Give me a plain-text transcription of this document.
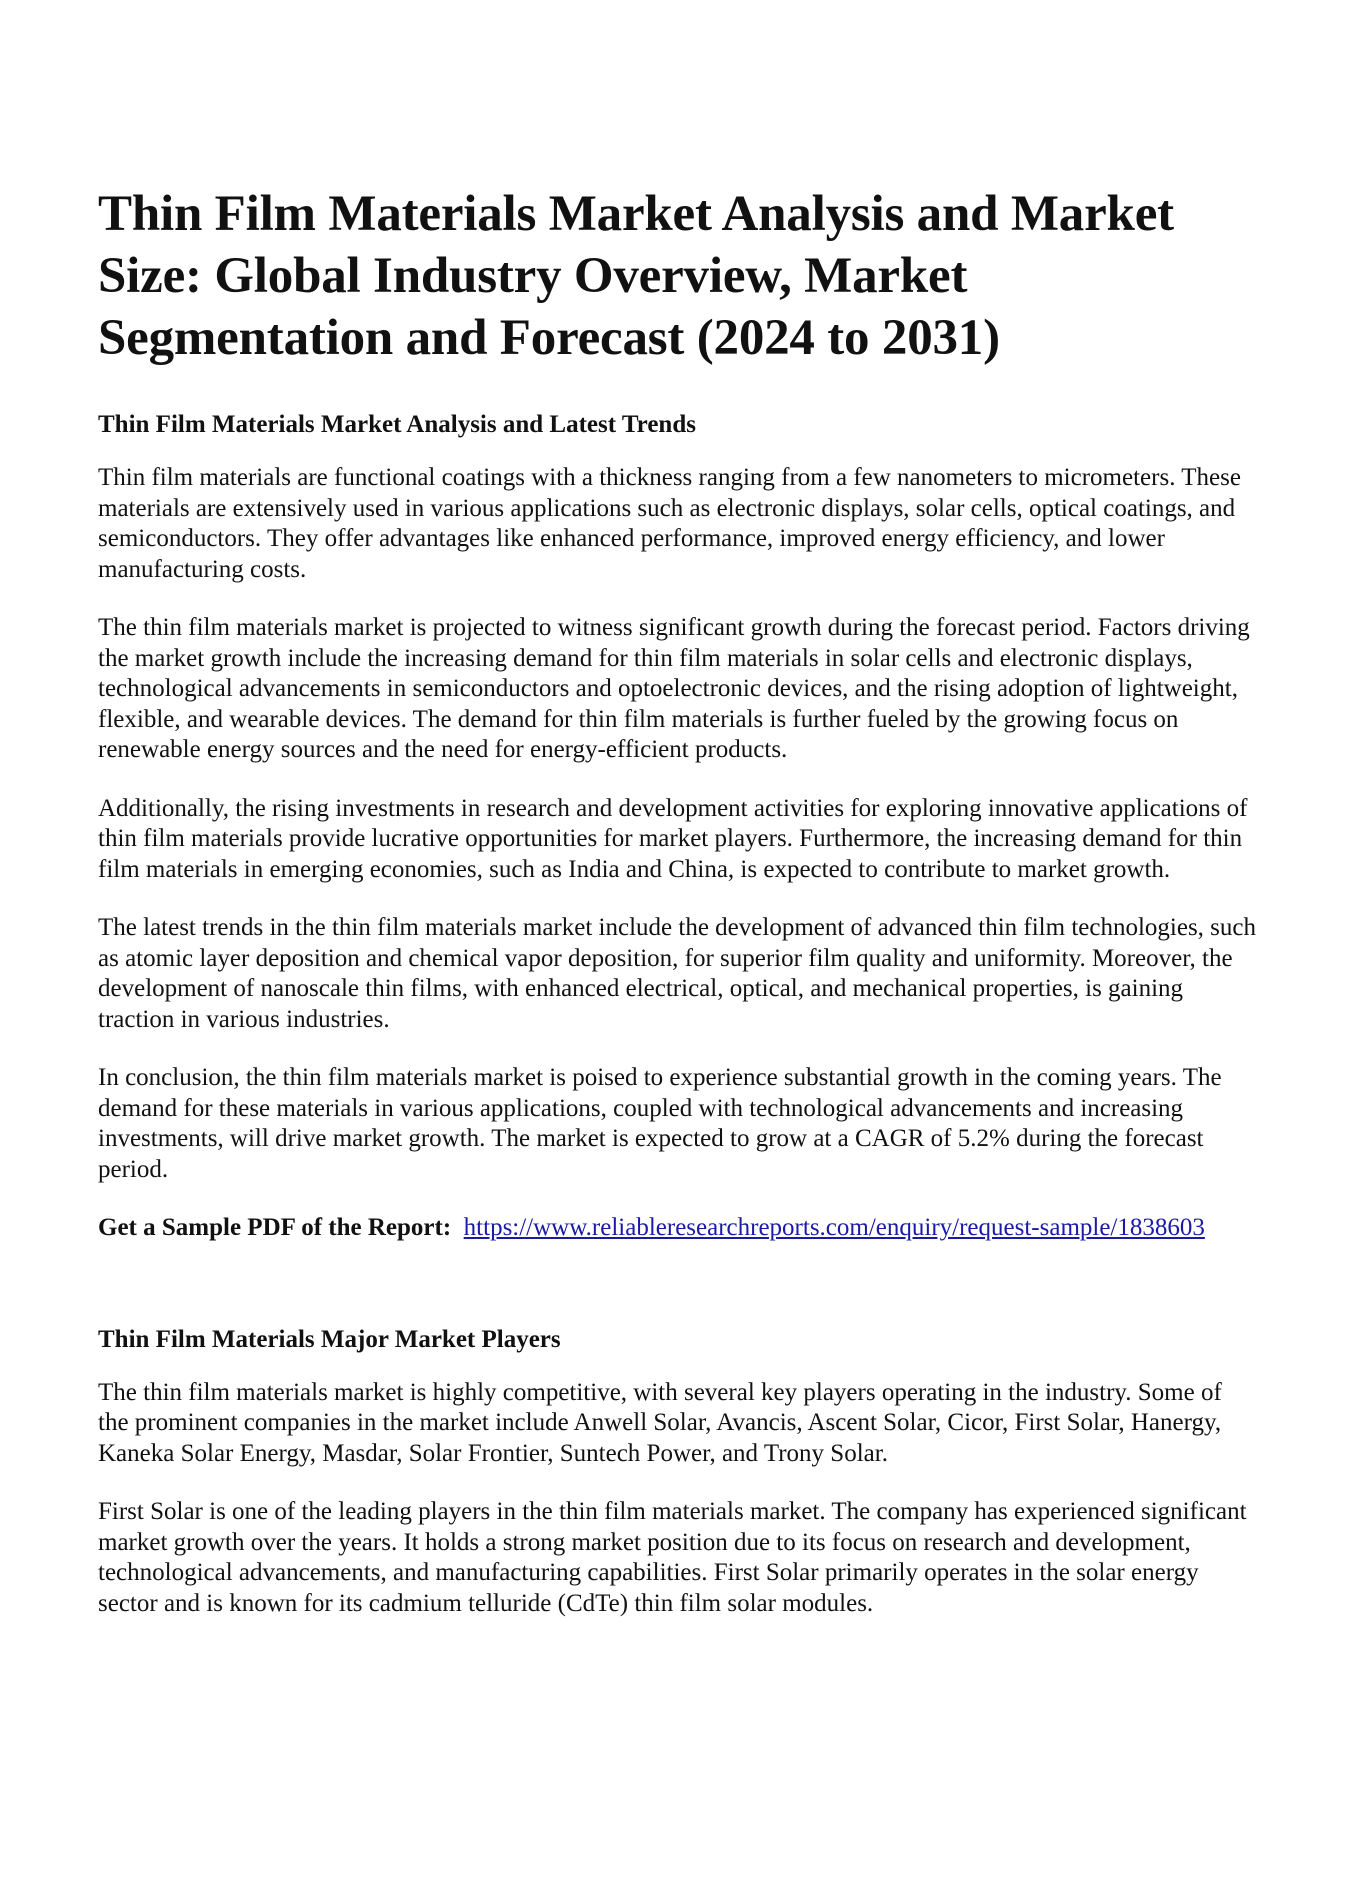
Thin Film Materials Market Analysis and Market Size: Global Industry Overview, Market Segmentation and Forecast (2024 to 2031)
Thin Film Materials Market Analysis and Latest Trends

Thin film materials are functional coatings with a thickness ranging from a few nanometers to micrometers. These materials are extensively used in various applications such as electronic displays, solar cells, optical coatings, and semiconductors. They offer advantages like enhanced performance, improved energy efficiency, and lower manufacturing costs.

The thin film materials market is projected to witness significant growth during the forecast period. Factors driving the market growth include the increasing demand for thin film materials in solar cells and electronic displays, technological advancements in semiconductors and optoelectronic devices, and the rising adoption of lightweight, flexible, and wearable devices. The demand for thin film materials is further fueled by the growing focus on renewable energy sources and the need for energy-efficient products.

Additionally, the rising investments in research and development activities for exploring innovative applications of thin film materials provide lucrative opportunities for market players. Furthermore, the increasing demand for thin film materials in emerging economies, such as India and China, is expected to contribute to market growth.

The latest trends in the thin film materials market include the development of advanced thin film technologies, such as atomic layer deposition and chemical vapor deposition, for superior film quality and uniformity. Moreover, the development of nanoscale thin films, with enhanced electrical, optical, and mechanical properties, is gaining traction in various industries.

In conclusion, the thin film materials market is poised to experience substantial growth in the coming years. The demand for these materials in various applications, coupled with technological advancements and increasing investments, will drive market growth. The market is expected to grow at a CAGR of 5.2% during the forecast period.

Get a Sample PDF of the Report: https://www.reliableresearchreports.com/enquiry/request-sample/1838603

Thin Film Materials Major Market Players

The thin film materials market is highly competitive, with several key players operating in the industry. Some of the prominent companies in the market include Anwell Solar, Avancis, Ascent Solar, Cicor, First Solar, Hanergy, Kaneka Solar Energy, Masdar, Solar Frontier, Suntech Power, and Trony Solar.

First Solar is one of the leading players in the thin film materials market. The company has experienced significant market growth over the years. It holds a strong market position due to its focus on research and development, technological advancements, and manufacturing capabilities. First Solar primarily operates in the solar energy sector and is known for its cadmium telluride (CdTe) thin film solar modules.
